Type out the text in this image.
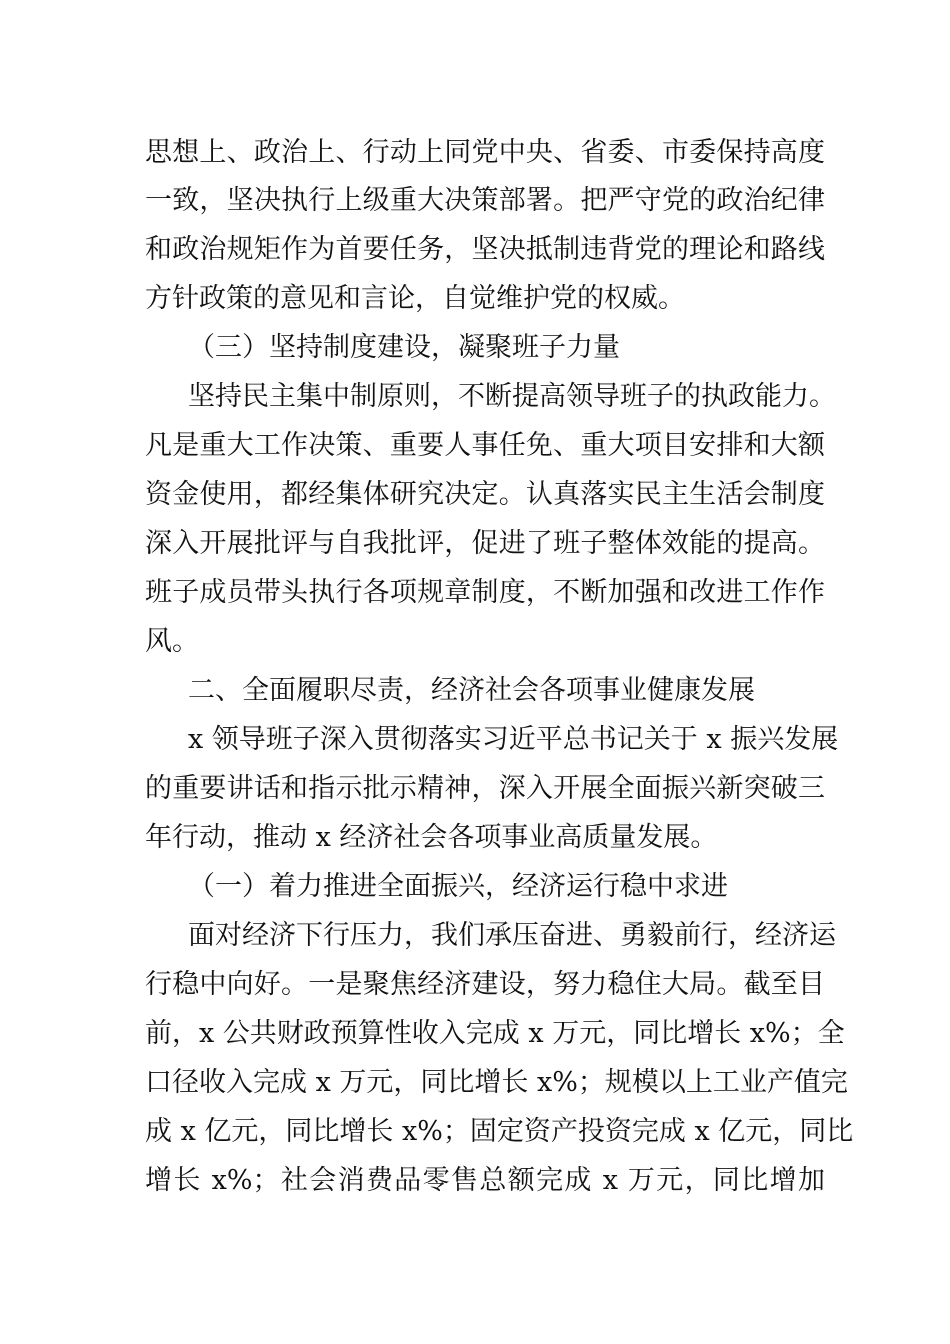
思想上、政治上、行动上同党中央、省委、市委保持高度
一致，坚决执行上级重大决策部署。把严守党的政治纪律
和政治规矩作为首要任务，坚决抵制违背党的理论和路线
方针政策的意见和言论，自觉维护党的权威。
（三）坚持制度建设，凝聚班子力量
坚持民主集中制原则，不断提高领导班子的执政能力。
凡是重大工作决策、重要人事任免、重大项目安排和大额
资金使用，都经集体研究决定。认真落实民主生活会制度
深入开展批评与自我批评，促进了班子整体效能的提高。
班子成员带头执行各项规章制度，不断加强和改进工作作
风。
二、全面履职尽责，经济社会各项事业健康发展
x 领导班子深入贯彻落实习近平总书记关于 x 振兴发展
的重要讲话和指示批示精神，深入开展全面振兴新突破三
年行动，推动 x 经济社会各项事业高质量发展。
（一）着力推进全面振兴，经济运行稳中求进
面对经济下行压力，我们承压奋进、勇毅前行，经济运
行稳中向好。一是聚焦经济建设，努力稳住大局。截至目
前，x 公共财政预算性收入完成 x 万元，同比增长 x%；全
口径收入完成 x 万元，同比增长 x%；规模以上工业产值完
成 x 亿元，同比增长 x%；固定资产投资完成 x 亿元，同比
增长 x%；社会消费品零售总额完成 x 万元，同比增加
